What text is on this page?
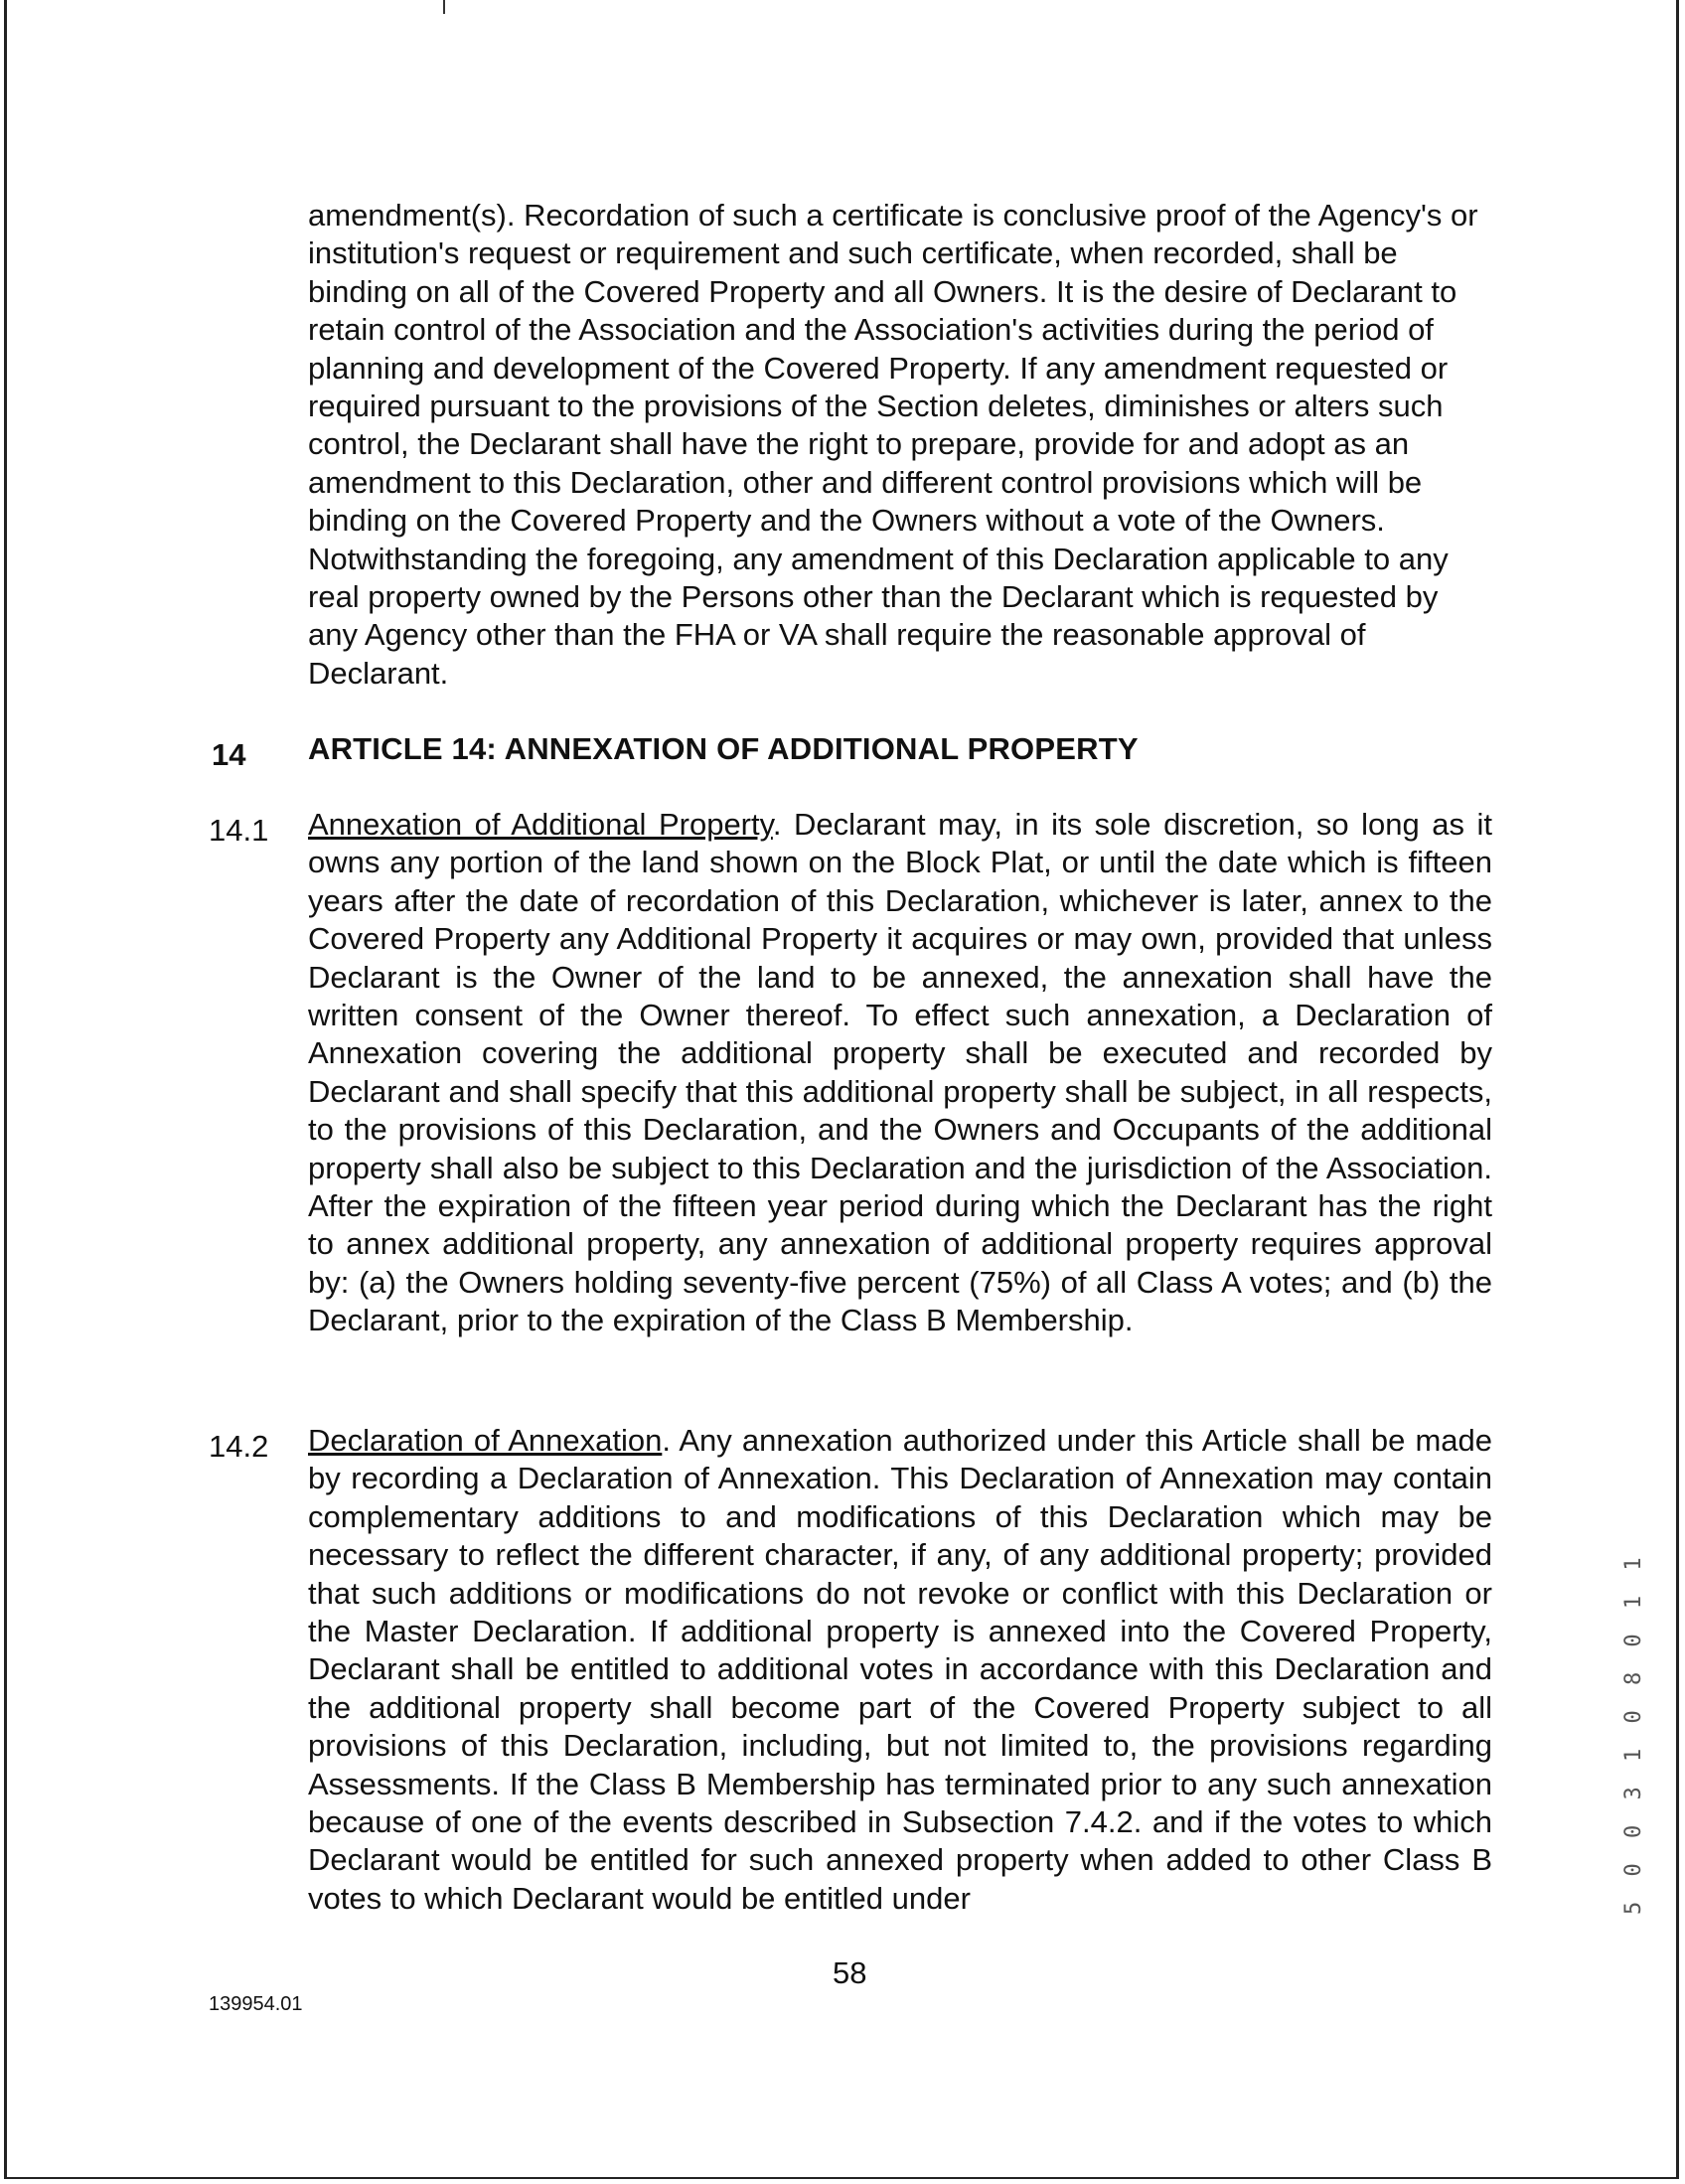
amendment(s). Recordation of such a certificate is conclusive proof of the Agency's or institution's request or requirement and such certificate, when recorded, shall be binding on all of the Covered Property and all Owners. It is the desire of Declarant to retain control of the Association and the Association's activities during the period of planning and development of the Covered Property. If any amendment requested or required pursuant to the provisions of the Section deletes, diminishes or alters such control, the Declarant shall have the right to prepare, provide for and adopt as an amendment to this Declaration, other and different control provisions which will be binding on the Covered Property and the Owners without a vote of the Owners. Notwithstanding the foregoing, any amendment of this Declaration applicable to any real property owned by the Persons other than the Declarant which is requested by any Agency other than the FHA or VA shall require the reasonable approval of Declarant.

14 ARTICLE 14: ANNEXATION OF ADDITIONAL PROPERTY
14.1 Annexation of Additional Property. Declarant may, in its sole discretion, so long as it owns any portion of the land shown on the Block Plat, or until the date which is fifteen years after the date of recordation of this Declaration, whichever is later, annex to the Covered Property any Additional Property it acquires or may own, provided that unless Declarant is the Owner of the land to be annexed, the annexation shall have the written consent of the Owner thereof. To effect such annexation, a Declaration of Annexation covering the additional property shall be executed and recorded by Declarant and shall specify that this additional property shall be subject, in all respects, to the provisions of this Declaration, and the Owners and Occupants of the additional property shall also be subject to this Declaration and the jurisdiction of the Association. After the expiration of the fifteen year period during which the Declarant has the right to annex additional property, any annexation of additional property requires approval by: (a) the Owners holding seventy-five percent (75%) of all Class A votes; and (b) the Declarant, prior to the expiration of the Class B Membership.

14.2 Declaration of Annexation. Any annexation authorized under this Article shall be made by recording a Declaration of Annexation. This Declaration of Annexation may contain complementary additions to and modifications of this Declaration which may be necessary to reflect the different character, if any, of any additional property; provided that such additions or modifications do not revoke or conflict with this Declaration or the Master Declaration. If additional property is annexed into the Covered Property, Declarant shall be entitled to additional votes in accordance with this Declaration and the additional property shall become part of the Covered Property subject to all provisions of this Declaration, including, but not limited to, the provisions regarding Assessments. If the Class B Membership has terminated prior to any such annexation because of one of the events described in Subsection 7.4.2. and if the votes to which Declarant would be entitled for such annexed property when added to other Class B votes to which Declarant would be entitled under

139954.01
58
5 0 0 3 1 0 8 0 1 1
